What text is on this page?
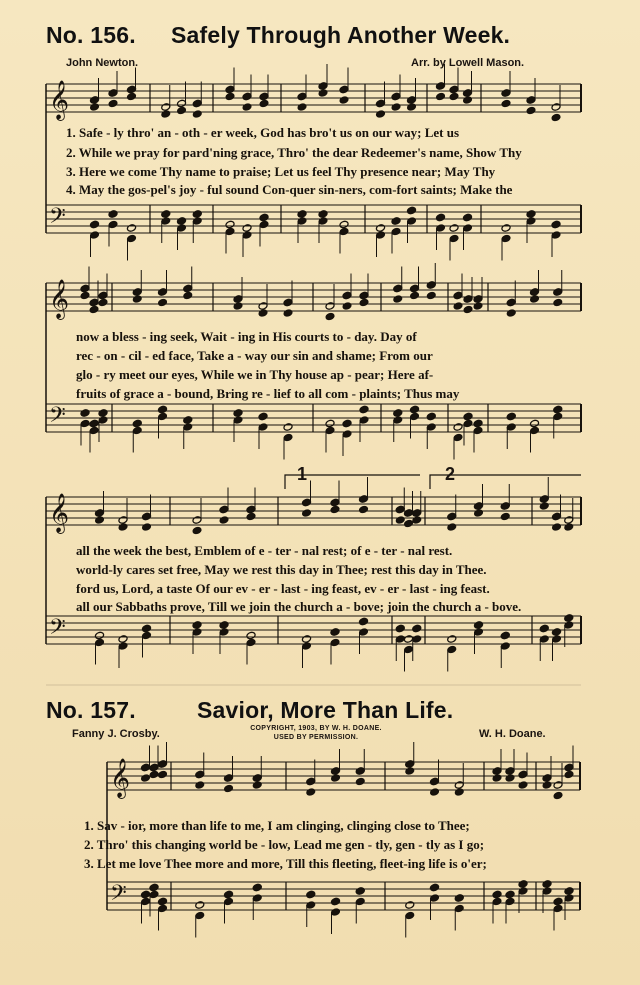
𝄞
𝄢
𝄞
𝄢
𝄞
𝄢
𝄞
𝄢
No. 156. Safely Through Another Week.
John Newton.	Arr. by Lowell Mason.
1. Safe - ly thro' an - oth - er week, God has bro't us on our way; Let us
2. While we pray for pard'ning grace, Thro' the dear Redeemer's name, Show Thy
3. Here we come Thy name to praise; Let us feel Thy presence near; May Thy
4. May the gos-pel's joy - ful sound Con-quer sin-ners, com-fort saints; Make the
now a bless - ing seek, Wait - ing in His courts to - day. Day of
rec - on - cil - ed face, Take a - way our sin and shame; From our
glo - ry meet our eyes, While we in Thy house ap - pear; Here af-
fruits of grace a - bound, Bring re - lief to all com - plaints; Thus may
all the week the best, Emblem of e - ter - nal rest; of e - ter - nal rest.
world-ly cares set free, May we rest this day in Thee; rest this day in Thee.
ford us, Lord, a taste Of our ev - er - last - ing feast, ev - er - last - ing feast.
all our Sabbaths prove, Till we join the church a - bove; join the church a - bove.
1	2
No. 157.	Savior, More Than Life.
Fanny J. Crosby.	COPYRIGHT, 1903, BY W. H. DOANE.
USED BY PERMISSION.	W. H. Doane.
1. Sav - ior, more than life to me, I am clinging, clinging close to Thee;
2. Thro' this changing world be - low, Lead me gen - tly, gen - tly as I go;
3. Let me love Thee more and more, Till this fleeting, fleet-ing life is o'er;
